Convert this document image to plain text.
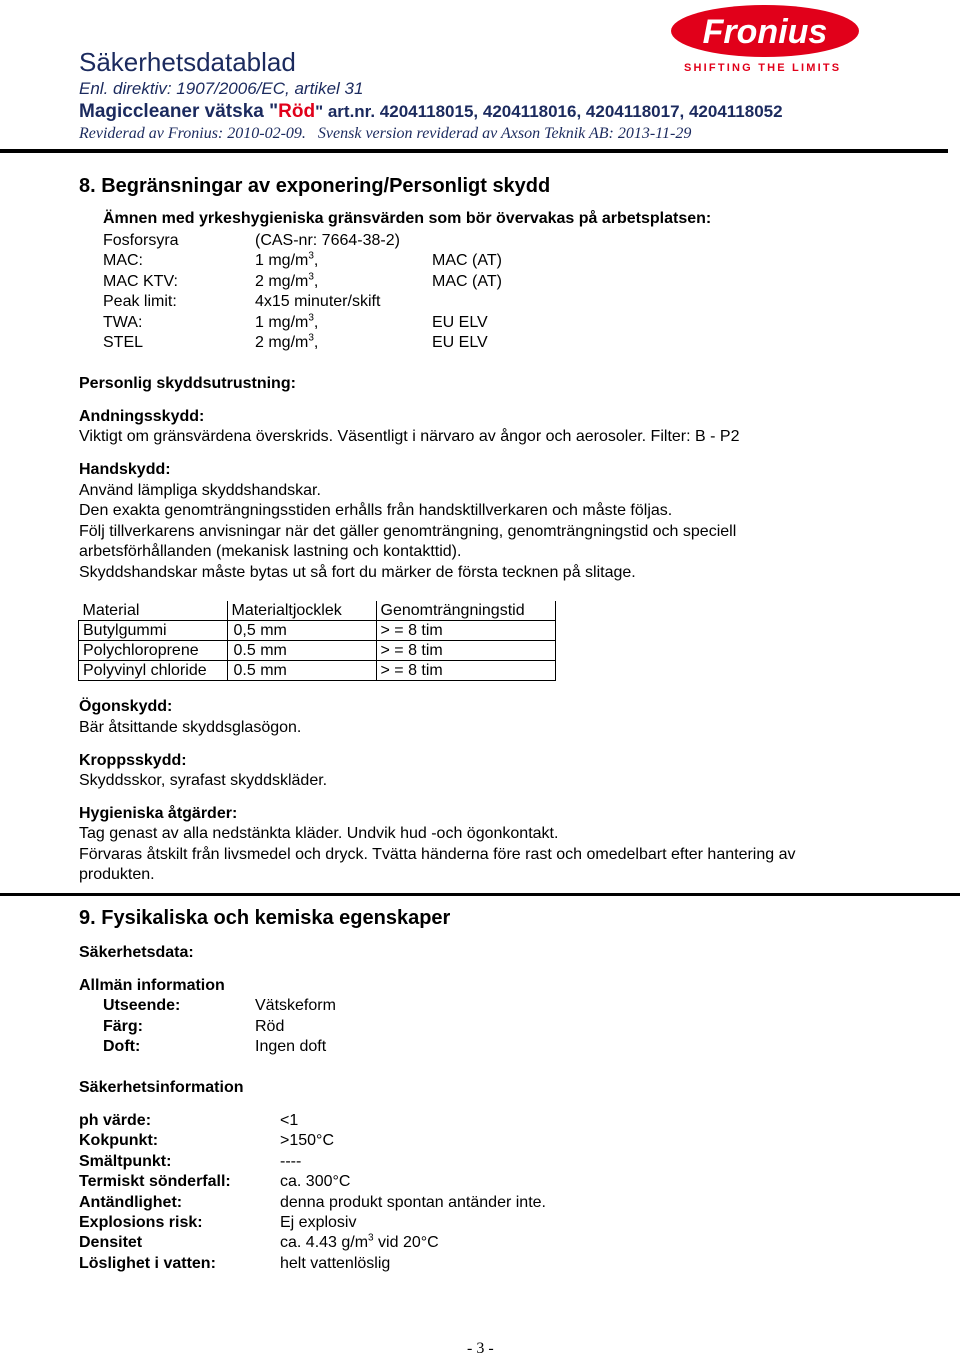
Säkerhetsdatablad
Enl. direktiv: 1907/2006/EC, artikel 31
Magiccleaner vätska "Röd" art.nr. 4204118015, 4204118016, 4204118017, 4204118052
Reviderad av Fronius: 2010-02-09. Svensk version reviderad av Axson Teknik AB: 2013-11-29
Fronius
SHIFTING THE LIMITS
8. Begränsningar av exponering/Personligt skydd
Ämnen med yrkeshygieniska gränsvärden som bör övervakas på arbetsplatsen:
Fosforsyra	(CAS-nr: 7664-38-2)
MAC:	1 $mg/m^3$,	MAC (AT)
MAC KTV:	2 $mg/m^3$,	MAC (AT)
Peak limit:	4x15 minuter/skift
TWA:	1 $mg/m^3$,	EU ELV
STEL	2 $mg/m^3$,	EU ELV
Personlig skyddsutrustning:
Andningsskydd:
Viktigt om gränsvärdena överskrids. Väsentligt i närvaro av ångor och aerosoler. Filter: B - P2
Handskydd:
Använd lämpliga skyddshandskar.
Den exakta genomträngningsstiden erhålls från handsktillverkaren och måste följas.
Följ tillverkarens anvisningar när det gäller genomträngning, genomträngningstid och speciell
arbetsförhållanden (mekanisk lastning och kontakttid).
Skyddshandskar måste bytas ut så fort du märker de första tecknen på slitage.
Material	Materialtjocklek	Genomträngningstid
Butylgummi	0,5 mm	> = 8 tim
Polychloroprene	0.5 mm	> = 8 tim
Polyvinyl chloride	0.5 mm	> = 8 tim
Ögonskydd:
Bär åtsittande skyddsglasögon.
Kroppsskydd:
Skyddsskor, syrafast skyddskläder.
Hygieniska åtgärder:
Tag genast av alla nedstänkta kläder. Undvik hud -och ögonkontakt.
Förvaras åtskilt från livsmedel och dryck. Tvätta händerna före rast och omedelbart efter hantering av
produkten.
9. Fysikaliska och kemiska egenskaper
Säkerhetsdata:
Allmän information
Utseende:	Vätskeform
Färg:	Röd
Doft:	Ingen doft
Säkerhetsinformation
ph värde:	<1
Kokpunkt:	>150°C
Smältpunkt:	----
Termiskt sönderfall:	ca. 300°C
Antändlighet:	denna produkt spontan antänder inte.
Explosions risk:	Ej explosiv
Densitet	ca. 4.43 $g/m^3$ vid 20°C
Löslighet i vatten:	helt vattenlöslig
- 3 -
